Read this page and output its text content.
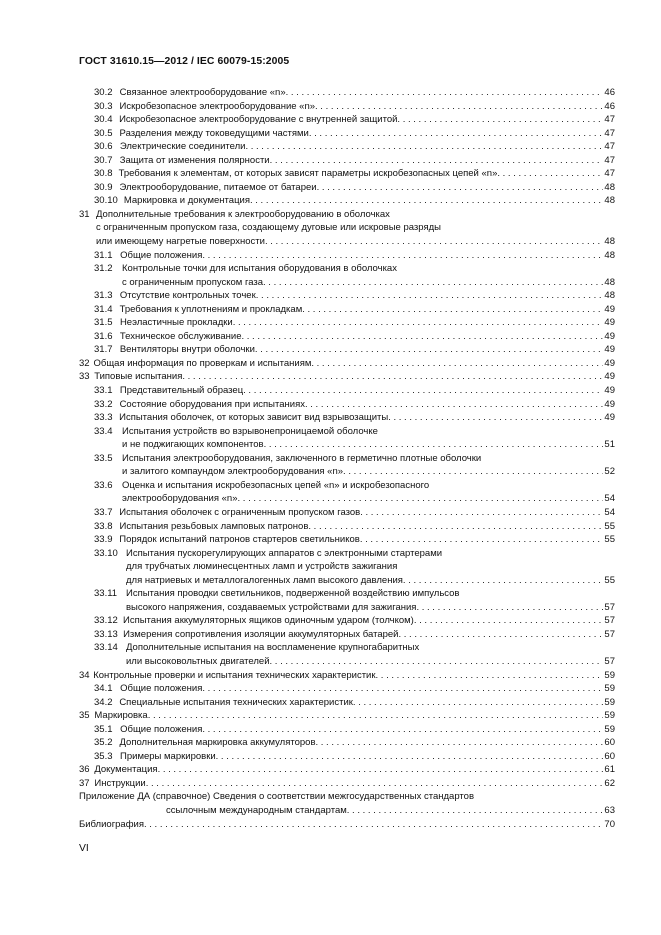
ГОСТ 31610.15—2012 / IEC 60079-15:2005
30.2 Связанное электрооборудование «n» . . .	46
30.3 Искробезопасное электрооборудование «n» . . .	46
30.4 Искробезопасное электрооборудование с внутренней защитой . . .	47
30.5 Разделения между токоведущими частями . . .	47
30.6 Электрические соединители . . .	47
30.7 Защита от изменения полярности . . .	47
30.8 Требования к элементам, от которых зависят параметры искробезопасных цепей «n» . . .	47
30.9 Электрооборудование, питаемое от батареи . . .	48
30.10 Маркировка и документация . . .	48
31 Дополнительные требования к электрооборудованию в оболочках
с ограниченным пропуском газа, создающему дуговые или искровые разряды
или имеющему нагретые поверхности . . .	48
31.1 Общие положения . . .	48
31.2 Контрольные точки для испытания оборудования в оболочках
с ограниченным пропуском газа . . .	48
31.3 Отсутствие контрольных точек . . .	48
31.4 Требования к уплотнениям и прокладкам . . .	49
31.5 Неэластичные прокладки . . .	49
31.6 Техническое обслуживание . . .	49
31.7 Вентиляторы внутри оболочки . . .	49
32 Общая информация по проверкам и испытаниям . . .	49
33 Типовые испытания . . .	49
33.1 Представительный образец . . .	49
33.2 Состояние оборудования при испытаниях . . .	49
33.3 Испытания оболочек, от которых зависит вид взрывозащиты . . .	49
33.4 Испытания устройств во взрывонепроницаемой оболочке
и не поджигающих компонентов . . .	51
33.5 Испытания электрооборудования, заключенного в герметично плотные оболочки
и залитого компаундом электрооборудования «n» . . .	52
33.6 Оценка и испытания искробезопасных цепей «n» и искробезопасного
электрооборудования «n» . . .	54
33.7 Испытания оболочек с ограниченным пропуском газов . . .	54
33.8 Испытания резьбовых ламповых патронов . . .	55
33.9 Порядок испытаний патронов стартеров светильников . . .	55
33.10 Испытания пускорегулирующих аппаратов с электронными стартерами
для трубчатых люминесцентных ламп и устройств зажигания
для натриевых и металлогалогенных ламп высокого давления . . .	55
33.11 Испытания проводки светильников, подверженной воздействию импульсов
высокого напряжения, создаваемых устройствами для зажигания . . .	57
33.12 Испытания аккумуляторных ящиков одиночным ударом (толчком) . . .	57
33.13 Измерения сопротивления изоляции аккумуляторных батарей . . .	57
33.14 Дополнительные испытания на воспламенение крупногабаритных
или высоковольтных двигателей . . .	57
34 Контрольные проверки и испытания технических характеристик . . .	59
34.1 Общие положения . . .	59
34.2 Специальные испытания технических характеристик . . .	59
35 Маркировка . . .	59
35.1 Общие положения . . .	59
35.2 Дополнительная маркировка аккумуляторов . . .	60
35.3 Примеры маркировки . . .	60
36 Документация . . .	61
37 Инструкции . . .	62
Приложение ДА (справочное) Сведения о соответствии межгосударственных стандартов
ссылочным международным стандартам . . .	63
Библиография . . .	70
VI
